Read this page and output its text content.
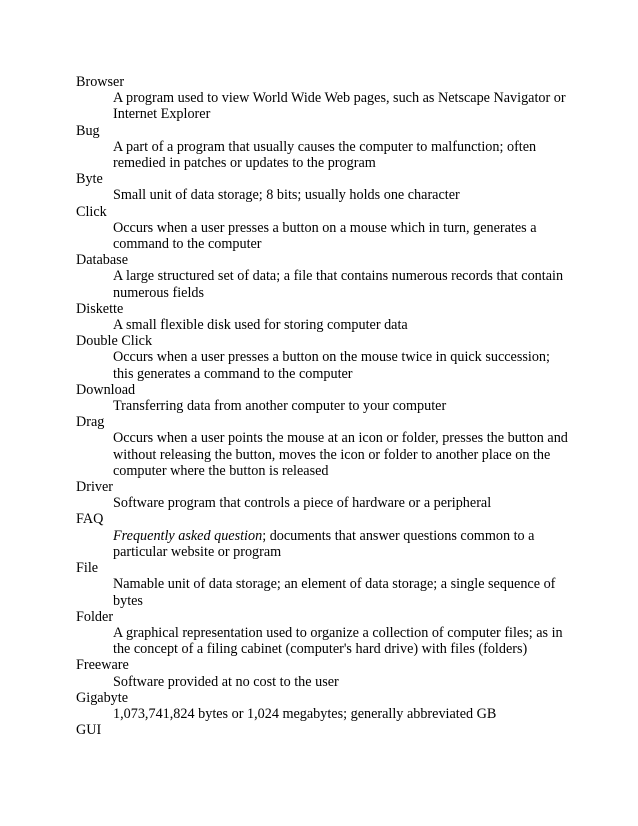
Browser

A program used to view World Wide Web pages, such as Netscape Navigator or Internet Explorer

Bug

A part of a program that usually causes the computer to malfunction; often remedied in patches or updates to the program

Byte

Small unit of data storage; 8 bits; usually holds one character

Click

Occurs when a user presses a button on a mouse which in turn, generates a command to the computer

Database

A large structured set of data; a file that contains numerous records that contain numerous fields

Diskette

A small flexible disk used for storing computer data

Double Click

Occurs when a user presses a button on the mouse twice in quick succession; this generates a command to the computer

Download

Transferring data from another computer to your computer

Drag

Occurs when a user points the mouse at an icon or folder, presses the button and without releasing the button, moves the icon or folder to another place on the computer where the button is released

Driver

Software program that controls a piece of hardware or a peripheral

FAQ

Frequently asked question; documents that answer questions common to a particular website or program

File

Namable unit of data storage; an element of data storage; a single sequence of bytes

Folder

A graphical representation used to organize a collection of computer files; as in the concept of a filing cabinet (computer's hard drive) with files (folders)

Freeware

Software provided at no cost to the user

Gigabyte

1,073,741,824 bytes or 1,024 megabytes; generally abbreviated GB

GUI
